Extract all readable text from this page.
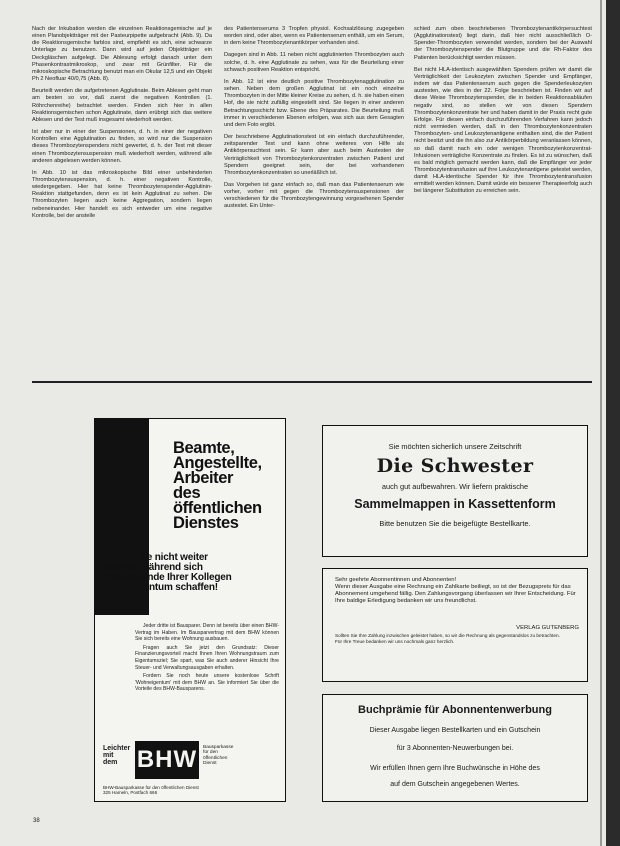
Nach der Inkubation werden die einzelnen Reaktionsgemische auf je einen Planobjektträger mit der Pasteurpipette aufgebracht (Abb. 9). Da die Reaktionsgemische farblos sind, empfiehlt es sich, eine schwarze Unterlage zu benutzen. Dann wird auf jeden Objektträger ein Deckgläschen aufgelegt. Die Ablesung erfolgt danach unter dem Phasenkontrastmikroskop, und zwar mit Grünfilter. Für die mikroskopische Betrachtung benutzt man ein Okular 12,5 und ein Objekt Ph 2 Neofluar 40/0,75 (Abb. 8).

Beurteilt werden die aufgetretenen Agglutinate. Beim Ablesen geht man am besten so vor, daß zuerst die negativen Kontrollen (1. Röhrchenreihe) betrachtet werden. Finden sich hier in allen Reaktionsgemischen schon Agglutinate, dann erübrigt sich das weitere Ablesen und der Test muß insgesamt wiederholt werden.

Ist aber nur in einer der Suspensionen, d. h. in einer der negativen Kontrollen eine Agglutination zu finden, so wird nur die Suspension dieses Thrombozytenspenders nicht gewertet, d. h. der Test mit dieser einen Thrombozytensuspension muß wiederholt werden, während alle anderen abgelesen werden können.

In Abb. 10 ist das mikroskopische Bild einer unbehinderten Thrombozytensuspension, d. h. einer negativen Kontrolle, wiedergegeben. Hier hat keine Thrombozytenspender-Agglutinin-Reaktion stattgefunden, denn es ist kein Agglutinat zu sehen. Die Thrombozyten liegen auch keine Aggregation, sondern liegen nebeneinander. Hier handelt es sich entweder um eine negative Kontrolle, bei der anstelle

des Patientenserums 3 Tropfen physiol. Kochsalzlösung zugegeben worden sind, oder aber, wenn es Patientenserum enthält, um ein Serum, in dem keine Thrombozytenantikörper vorhanden sind.

Dagegen sind in Abb. 11 neben nicht agglutinierten Thrombozyten auch solche, d. h. eine Agglutinate zu sehen, was für die Beurteilung einer schwach positiven Reaktion entspricht.

In Abb. 12 ist eine deutlich positive Thrombozytenagglutination zu sehen. Neben dem großen Agglutinat ist ein noch einzelne Thrombozyten in der Mitte kleiner Kreise zu sehen, d. h. sie haben einen Hof, die sie nicht zufällig eingestellt sind. Sie liegen in einer anderen Betrachtungsschicht bzw. Ebene des Präparates. Die Beurteilung muß immer in verschiedenen Ebenen erfolgen, was sich aus dem Gesagten und dem Foto ergibt.

Der beschriebene Agglutinationstest ist ein einfach durchzuführender, zeitsparender Test und kann ohne weiteres von Hilfe als Antikörpersuchtest sein. Er kann aber auch beim Austesten der Verträglichkeit von Thrombozytenkonzentraten zwischen Patient und Spendern geeignet sein, der bei vorhandenen Thrombozytenkonzentraten so unerläßlich ist.

Das Vorgehen ist ganz einfach so, daß man das Patientenserum wie vorher, vorher mit gegen die Thrombozytensuspensionen der verschiedenen für die Thrombozytengewinnung vorgesehenen Spender austestet. Ein Unter-

schied zum oben beschriebenen Thrombozytenantikörpersuchtest (Agglutinationstest) liegt darin, daß hier nicht ausschließlich O-Spender-Thrombozyten verwendet werden, sondern bei der Auswahl der Thrombozytenspender die Blutgruppe und die Rh-Faktor des Patienten berücksichtigt werden müssen.

Bei nicht HLA-identisch ausgewählten Spendern prüfen wir damit die Verträglichkeit der Leukozyten zwischen Spender und Empfänger, indem wir das Patientenserum auch gegen die Spenderleukozyten austesten, wie dies in der 22. Folge beschrieben ist. Finden wir auf diese Weise Thrombozytenspender, die in beiden Reaktionsabläufen negativ sind, so stellen wir von diesen Spendern Thrombozytenkonzentrate her und haben damit in der Praxis recht gute Erfolge. Für diesen einfach durchzuführenden Verfahren kann jedoch nicht vermieden werden, daß in den Thrombozytenkonzentraten Thrombozyten- und Leukozytenantigene enthalten sind, die der Patient nicht besitzt und die ihn also zur Antikörperbildung veranlassen können, so daß damit nach ein oder wenigen Thrombozytenkonzentrat-Infusionen verträgliche Konzentrate zu finden. Es ist zu wünschen, daß es bald möglich gemacht werden kann, daß die Empfänger vor jeder Thrombozytentransfusion auf ihre Leukozytenantigene getestet werden, damit HLA-identische Spender für ihre Thrombozytentransfusion ermittelt werden können. Damit würde ein besserer Therapieerfolg auch bei längerer Substitution zu erreichen sein.

Beamte,
Angestellte,
Arbeiter
des
öffentlichen
Dienstes
Stehen Sie nicht weiter
abseits, während sich
100-tausende Ihrer Kollegen
Wohneigentum schaffen!

Jeder dritte ist Bausparer. Denn ist bereits über einen BHW-Vertrag im Haben. Im Bausparvertrag mit dem BHW können Sie sich bereits eine Wohnung ausbauen.

Fragen auch Sie jetzt den Grundsatz: Dieser Finanzierungsvorteil macht Ihnen Ihren Wohnungstraum zum Eigentumsziel; Sie spart, was Sie auch anderer Hinsicht Ihre Steuer- und Verwaltungsausgaben erhalten.

Fordern Sie noch heute unsere kostenlose Schrift 'Wohneigentum' mit dem BHW an. Sie informiert Sie über die Vorteile des BHW-Bausparens.

Leichter
mit
dem BHW	Bausparkasse
für den
öffentlichen
Dienst
BHW-Bausparkasse für den öffentlichen Dienst
325 Hameln, Postfach 666
Sie möchten sicherlich unsere Zeitschrift
Die Schwester
auch gut aufbewahren. Wir liefern praktische
Sammelmappen in Kassettenform
Bitte benutzen Sie die beigefügte Bestellkarte.
Sehr geehrte Abonnentinnen und Abonnenten!
Wenn dieser Ausgabe eine Rechnung ein Zahlkarte beiliegt, so ist der Bezugspreis für das Abonnement umgehend fällig. Den Zahlungsvorgang überlassen wir Ihrer Entscheidung. Für Ihre baldige Erledigung bedanken wir uns freundlichst.
VERLAG GUTENBERG
Sollten Sie Ihre Zahlung inzwischen geleistet haben, so wir die Rechnung als gegenstandslos zu betrachten.
Für Ihre Treue bedanken wir uns nochmals ganz herzlich.
Buchprämie für Abonnentenwerbung
Dieser Ausgabe liegen Bestellkarten und ein Gutschein
für 3 Abonnenten-Neuwerbungen bei.
Wir erfüllen Ihnen gern Ihre Buchwünsche in Höhe des
auf dem Gutschein angegebenen Wertes.
38
